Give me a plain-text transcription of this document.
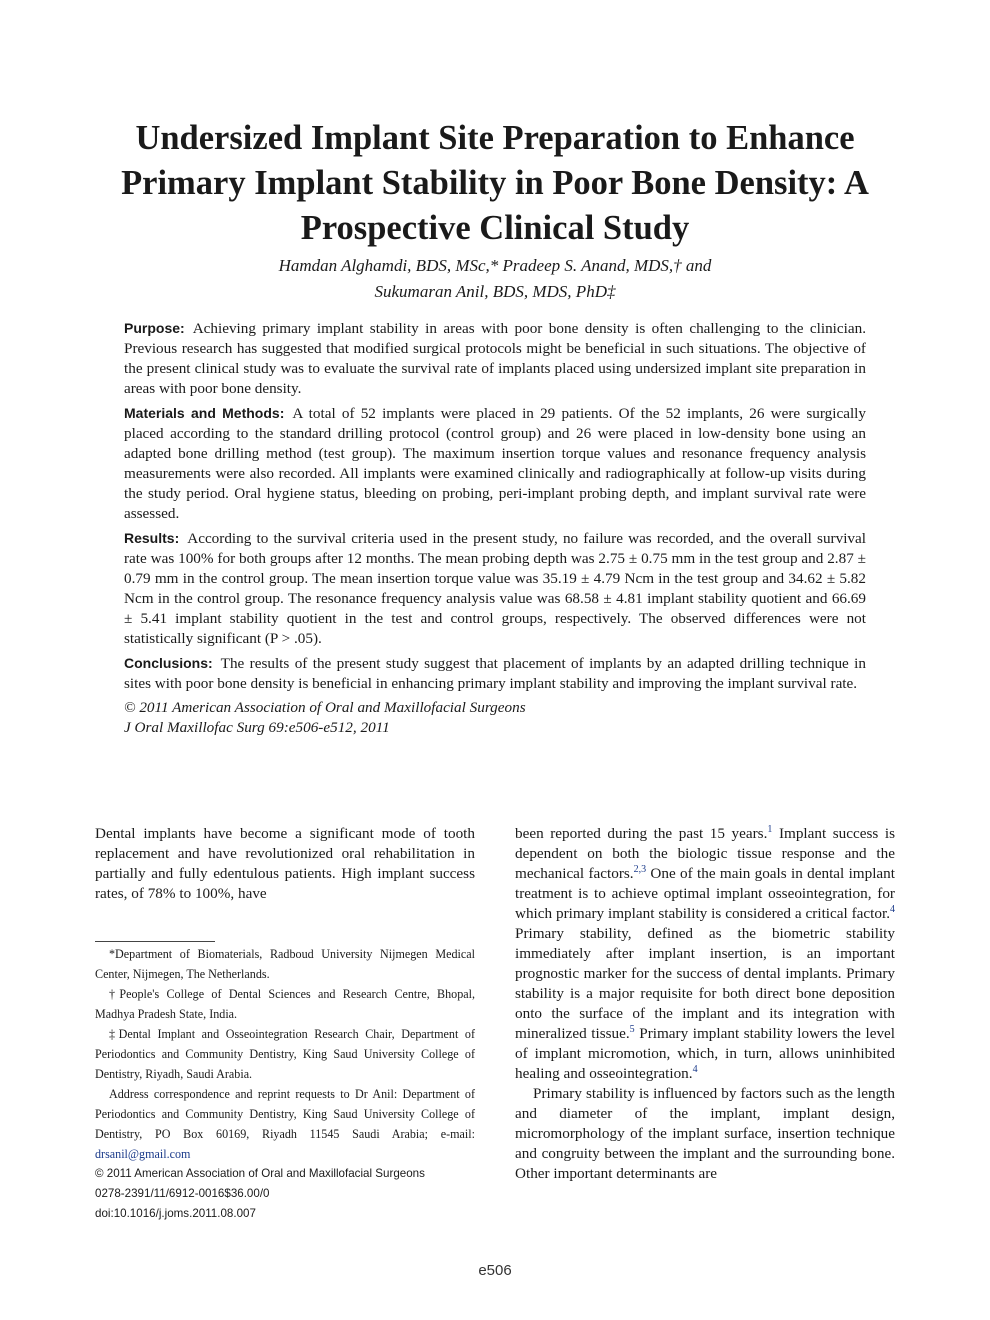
Undersized Implant Site Preparation to Enhance Primary Implant Stability in Poor Bone Density: A Prospective Clinical Study
Hamdan Alghamdi, BDS, MSc,* Pradeep S. Anand, MDS,† and
Sukumaran Anil, BDS, MDS, PhD‡

Purpose: Achieving primary implant stability in areas with poor bone density is often challenging to the clinician. Previous research has suggested that modified surgical protocols might be beneficial in such situations. The objective of the present clinical study was to evaluate the survival rate of implants placed using undersized implant site preparation in areas with poor bone density.

Materials and Methods: A total of 52 implants were placed in 29 patients. Of the 52 implants, 26 were surgically placed according to the standard drilling protocol (control group) and 26 were placed in low-density bone using an adapted bone drilling method (test group). The maximum insertion torque values and resonance frequency analysis measurements were also recorded. All implants were examined clinically and radiographically at follow-up visits during the study period. Oral hygiene status, bleeding on probing, peri-implant probing depth, and implant survival rate were assessed.

Results: According to the survival criteria used in the present study, no failure was recorded, and the overall survival rate was 100% for both groups after 12 months. The mean probing depth was 2.75 ± 0.75 mm in the test group and 2.87 ± 0.79 mm in the control group. The mean insertion torque value was 35.19 ± 4.79 Ncm in the test group and 34.62 ± 5.82 Ncm in the control group. The resonance frequency analysis value was 68.58 ± 4.81 implant stability quotient and 66.69 ± 5.41 implant stability quotient in the test and control groups, respectively. The observed differences were not statistically significant (P > .05).

Conclusions: The results of the present study suggest that placement of implants by an adapted drilling technique in sites with poor bone density is beneficial in enhancing primary implant stability and improving the implant survival rate.

© 2011 American Association of Oral and Maxillofacial Surgeons

J Oral Maxillofac Surg 69:e506-e512, 2011

Dental implants have become a significant mode of tooth replacement and have revolutionized oral rehabilitation in partially and fully edentulous patients. High implant success rates, of 78% to 100%, have

*Department of Biomaterials, Radboud University Nijmegen Medical Center, Nijmegen, The Netherlands.

†People's College of Dental Sciences and Research Centre, Bhopal, Madhya Pradesh State, India.

‡Dental Implant and Osseointegration Research Chair, Department of Periodontics and Community Dentistry, King Saud University College of Dentistry, Riyadh, Saudi Arabia.

Address correspondence and reprint requests to Dr Anil: Department of Periodontics and Community Dentistry, King Saud University College of Dentistry, PO Box 60169, Riyadh 11545 Saudi Arabia; e-mail: drsanil@gmail.com

© 2011 American Association of Oral and Maxillofacial Surgeons

0278-2391/11/6912-0016$36.00/0

doi:10.1016/j.joms.2011.08.007

been reported during the past 15 years.$^1$ Implant success is dependent on both the biologic tissue response and the mechanical factors.$^{2,3}$ One of the main goals in dental implant treatment is to achieve optimal implant osseointegration, for which primary implant stability is considered a critical factor.$^4$ Primary stability, defined as the biometric stability immediately after implant insertion, is an important prognostic marker for the success of dental implants. Primary stability is a major requisite for both direct bone deposition onto the surface of the implant and its integration with mineralized tissue.$^5$ Primary implant stability lowers the level of implant micromotion, which, in turn, allows uninhibited healing and osseointegration.$^4$

Primary stability is influenced by factors such as the length and diameter of the implant, implant design, micromorphology of the implant surface, insertion technique and congruity between the implant and the surrounding bone. Other important determinants are

e506
